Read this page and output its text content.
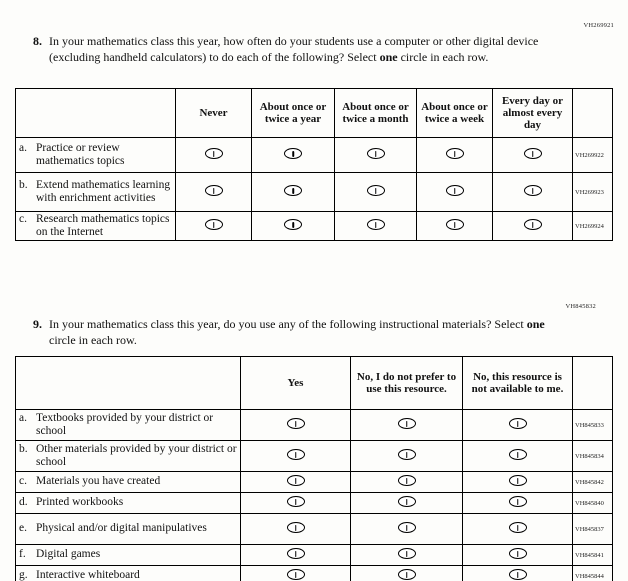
VH269921
VH845832
8. In your mathematics class this year, how often do your students use a computer or other digital device (excluding handheld calculators) to do each of the following? Select one circle in each row.
	Never	About once or twice a year	About once or twice a month	About once or twice a week	Every day or almost every day	

a. Practice or review mathematics topics						VH269922

b. Extend mathematics learning with enrichment activities						VH269923

c. Research mathematics topics on the Internet						VH269924
9. In your mathematics class this year, do you use any of the following instructional materials? Select one circle in each row.
	Yes	No, I do not prefer to use this resource.	No, this resource is not available to me.	

a. Textbooks provided by your district or school				VH845833

b. Other materials provided by your district or school				VH845834

c. Materials you have created				VH845842

d. Printed workbooks				VH845840

e. Physical and/or digital manipulatives				VH845837

f. Digital games				VH845841

g. Interactive whiteboard				VH845844
